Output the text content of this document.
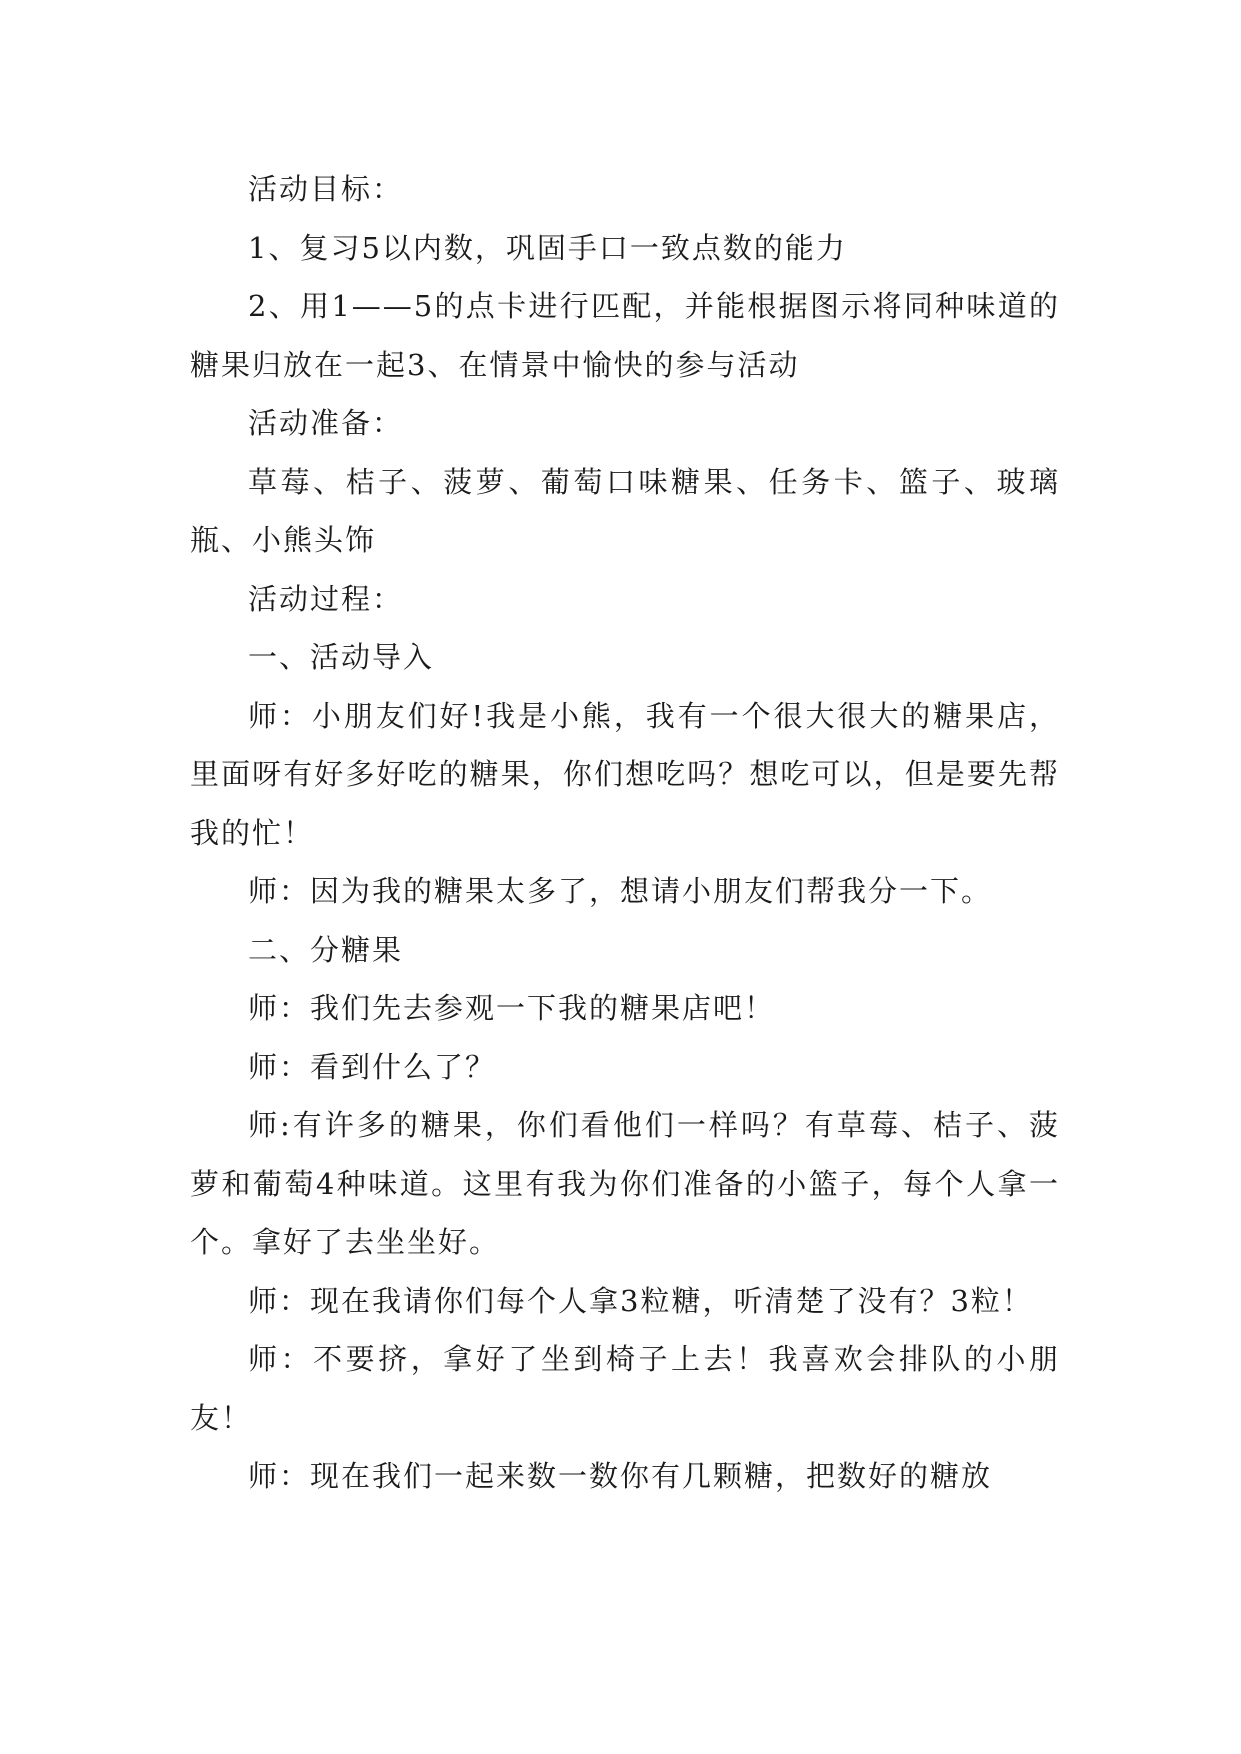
活动目标：

1、复习5以内数，巩固手口一致点数的能力

2、用1——5的点卡进行匹配，并能根据图示将同种味道的糖果归放在一起3、在情景中愉快的参与活动

活动准备：

草莓、桔子、菠萝、葡萄口味糖果、任务卡、篮子、玻璃瓶、小熊头饰

活动过程：

一、活动导入

师：小朋友们好!我是小熊，我有一个很大很大的糖果店，里面呀有好多好吃的糖果，你们想吃吗？想吃可以，但是要先帮我的忙！

师：因为我的糖果太多了，想请小朋友们帮我分一下。

二、分糖果

师：我们先去参观一下我的糖果店吧！

师：看到什么了？

师:有许多的糖果，你们看他们一样吗？有草莓、桔子、菠萝和葡萄4种味道。这里有我为你们准备的小篮子，每个人拿一个。拿好了去坐坐好。

师：现在我请你们每个人拿3粒糖，听清楚了没有？3粒！

师：不要挤，拿好了坐到椅子上去！我喜欢会排队的小朋友！

师：现在我们一起来数一数你有几颗糖，把数好的糖放
